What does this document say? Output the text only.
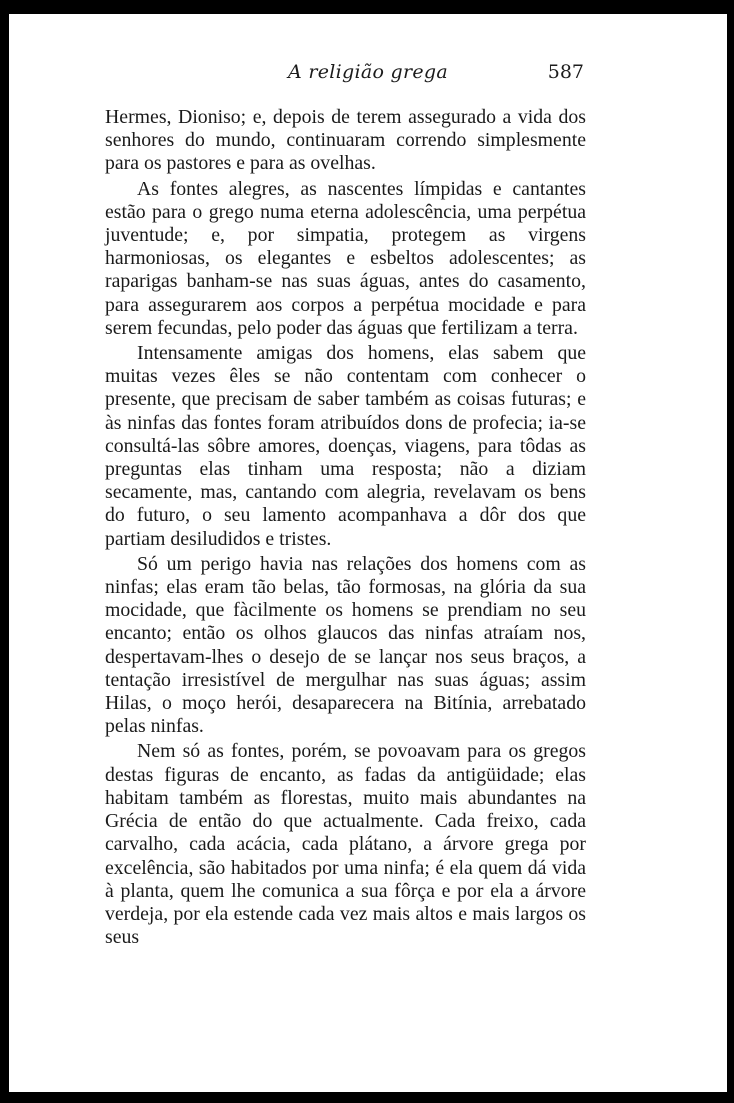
A religião grega	587

Hermes, Dioniso; e, depois de terem assegurado a vida dos senhores do mundo, continuaram correndo simplesmente para os pastores e para as ovelhas.

As fontes alegres, as nascentes límpidas e cantantes estão para o grego numa eterna adolescência, uma perpétua juventude; e, por simpatia, protegem as virgens harmoniosas, os elegantes e esbeltos adolescentes; as raparigas banham-se nas suas águas, antes do casamento, para assegurarem aos corpos a perpétua mocidade e para serem fecundas, pelo poder das águas que fertilizam a terra.

Intensamente amigas dos homens, elas sabem que muitas vezes êles se não contentam com conhecer o presente, que precisam de saber também as coisas futuras; e às ninfas das fontes foram atribuídos dons de profecia; ia-se consultá-las sôbre amores, doenças, viagens, para tôdas as preguntas elas tinham uma resposta; não a diziam secamente, mas, cantando com alegria, revelavam os bens do futuro, o seu lamento acompanhava a dôr dos que partiam desiludidos e tristes.

Só um perigo havia nas relações dos homens com as ninfas; elas eram tão belas, tão formosas, na glória da sua mocidade, que fàcilmente os homens se prendiam no seu encanto; então os olhos glaucos das ninfas atraíam nos, despertavam-lhes o desejo de se lançar nos seus braços, a tentação irresistível de mergulhar nas suas águas; assim Hilas, o moço herói, desaparecera na Bitínia, arrebatado pelas ninfas.

Nem só as fontes, porém, se povoavam para os gregos destas figuras de encanto, as fadas da antigüidade; elas habitam também as florestas, muito mais abundantes na Grécia de então do que actualmente. Cada freixo, cada carvalho, cada acácia, cada plátano, a árvore grega por excelência, são habitados por uma ninfa; é ela quem dá vida à planta, quem lhe comunica a sua fôrça e por ela a árvore verdeja, por ela estende cada vez mais altos e mais largos os seus
